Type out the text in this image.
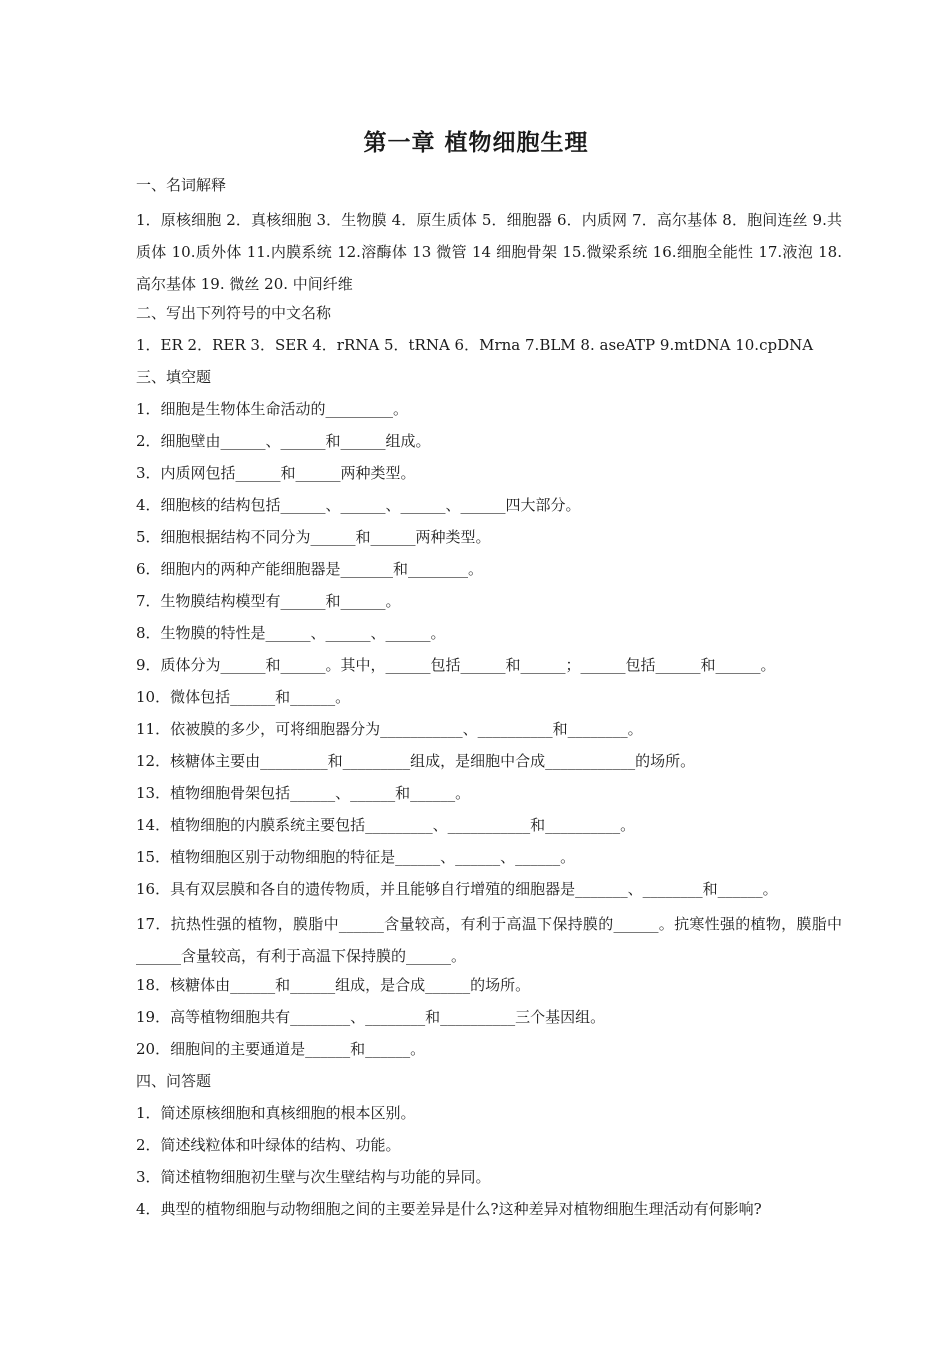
第一章 植物细胞生理
一、名词解释
1．原核细胞 2．真核细胞 3．生物膜 4．原生质体 5．细胞器 6．内质网 7．高尔基体 8．胞间连丝 9.共质体 10.质外体 11.内膜系统 12.溶酶体 13 微管 14 细胞骨架 15.微梁系统 16.细胞全能性 17.液泡 18. 高尔基体 19. 微丝 20. 中间纤维
二、写出下列符号的中文名称
1．ER 2．RER 3．SER 4．rRNA 5．tRNA 6．Mrna 7.BLM 8. aseATP 9.mtDNA 10.cpDNA
三、填空题
1．细胞是生物体生命活动的_________。
2．细胞壁由______、______和______组成。
3．内质网包括______和______两种类型。
4．细胞核的结构包括______、______、______、______四大部分。
5．细胞根据结构不同分为______和______两种类型。
6．细胞内的两种产能细胞器是_______和________。
7．生物膜结构模型有______和______。
8．生物膜的特性是______、______、______。
9．质体分为______和______。其中，______包括______和______；______包括______和______。
10．微体包括______和______。
11．依被膜的多少，可将细胞器分为___________、__________和________。
12．核糖体主要由_________和_________组成，是细胞中合成____________的场所。
13．植物细胞骨架包括______、______和______。
14．植物细胞的内膜系统主要包括_________、___________和__________。
15．植物细胞区别于动物细胞的特征是______、______、______。
16．具有双层膜和各自的遗传物质，并且能够自行增殖的细胞器是_______、________和______。
17．抗热性强的植物，膜脂中______含量较高，有利于高温下保持膜的______。抗寒性强的植物，膜脂中______含量较高，有利于高温下保持膜的______。
18．核糖体由______和______组成，是合成______的场所。
19．高等植物细胞共有________、________和__________三个基因组。
20．细胞间的主要通道是______和______。
四、问答题
1．简述原核细胞和真核细胞的根本区别。
2．简述线粒体和叶绿体的结构、功能。
3．简述植物细胞初生壁与次生壁结构与功能的异同。
4．典型的植物细胞与动物细胞之间的主要差异是什么?这种差异对植物细胞生理活动有何影响?
